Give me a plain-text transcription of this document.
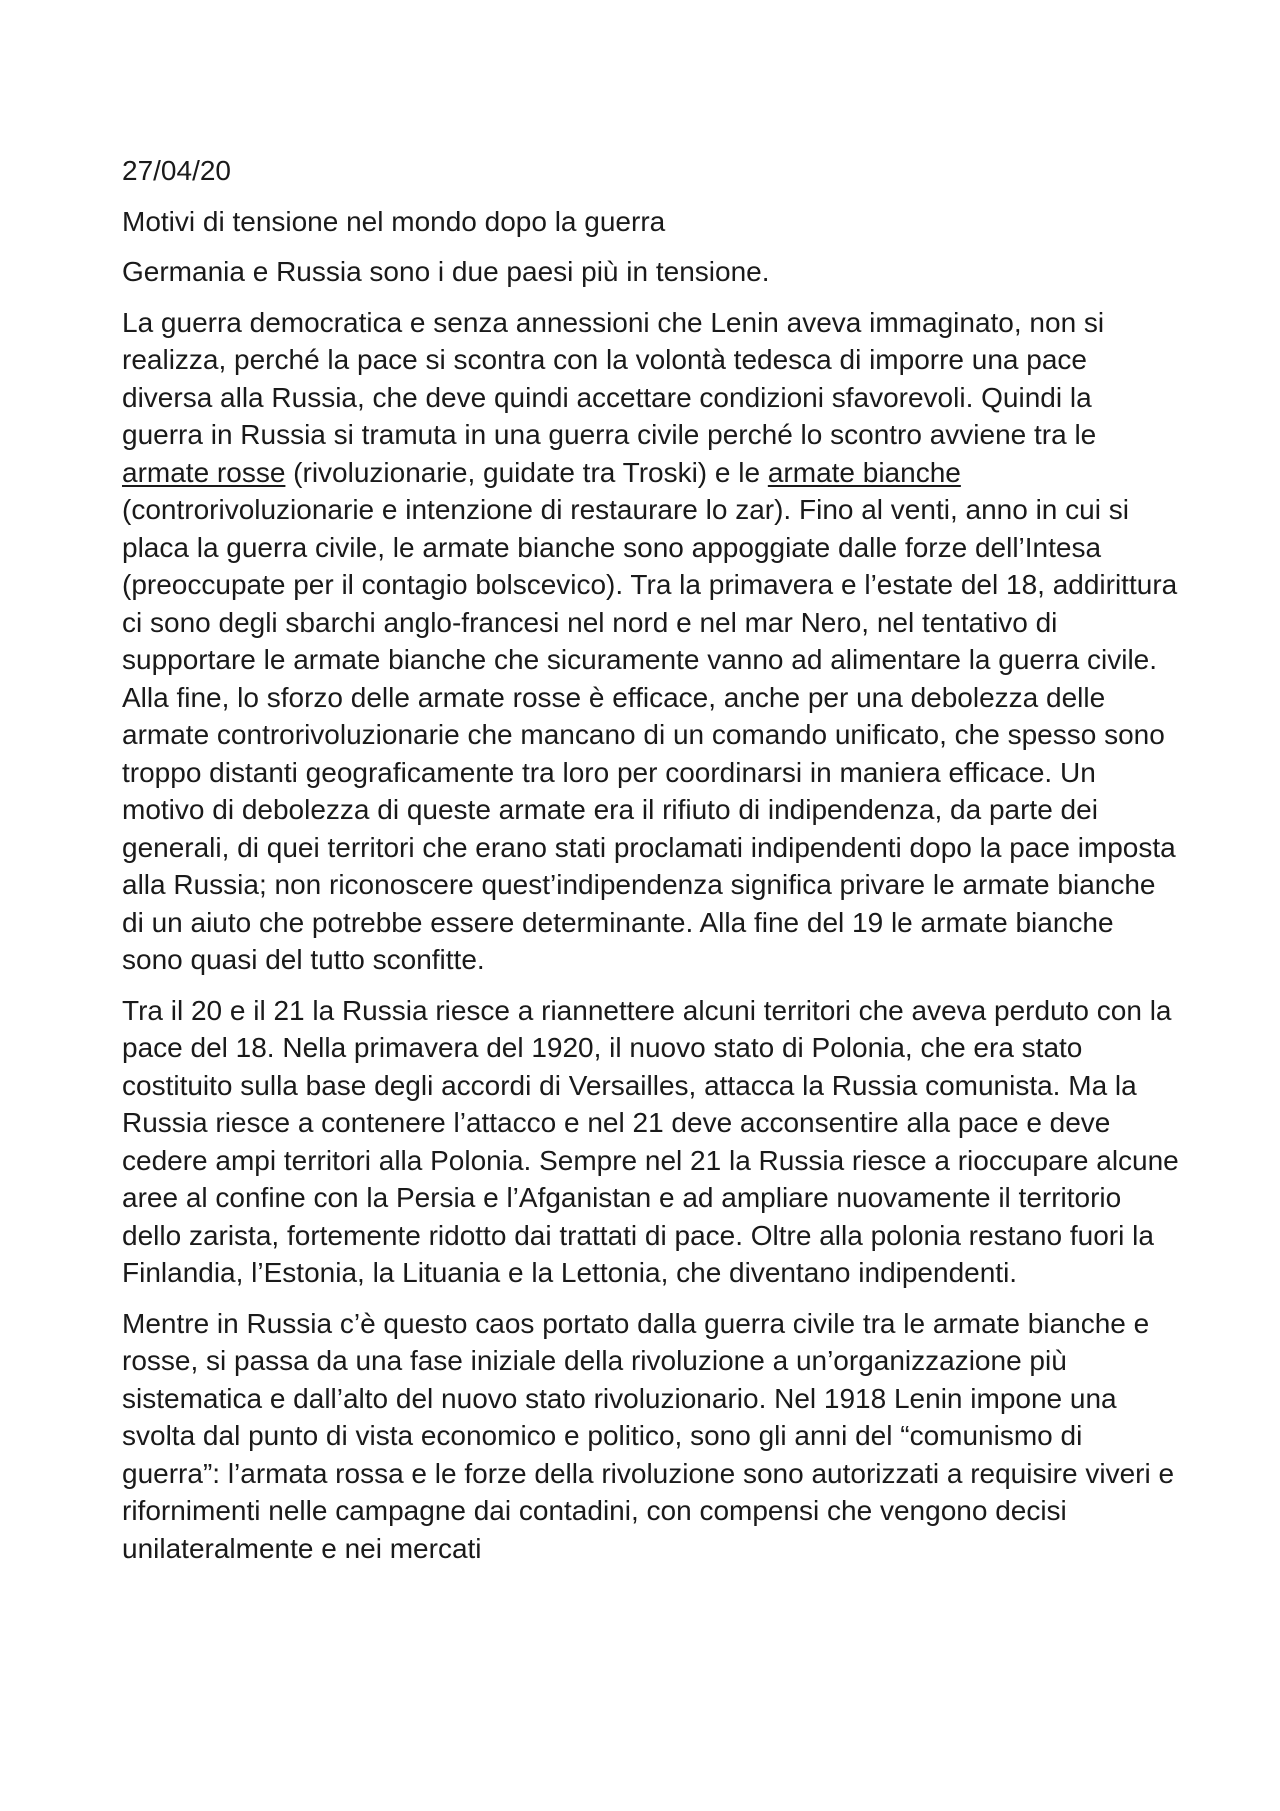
27/04/20

Motivi di tensione nel mondo dopo la guerra

Germania e Russia sono i due paesi più in tensione.

La guerra democratica e senza annessioni che Lenin aveva immaginato, non si realizza, perché la pace si scontra con la volontà tedesca di imporre una pace diversa alla Russia, che deve quindi accettare condizioni sfavorevoli. Quindi la guerra in Russia si tramuta in una guerra civile perché lo scontro avviene tra le armate rosse (rivoluzionarie, guidate tra Troski) e le armate bianche (controrivoluzionarie e intenzione di restaurare lo zar). Fino al venti, anno in cui si placa la guerra civile, le armate bianche sono appoggiate dalle forze dell’Intesa (preoccupate per il contagio bolscevico). Tra la primavera e l’estate del 18, addirittura ci sono degli sbarchi anglo-francesi nel nord e nel mar Nero, nel tentativo di supportare le armate bianche che sicuramente vanno ad alimentare la guerra civile. Alla fine, lo sforzo delle armate rosse è efficace, anche per una debolezza delle armate controrivoluzionarie che mancano di un comando unificato, che spesso sono troppo distanti geograficamente tra loro per coordinarsi in maniera efficace. Un motivo di debolezza di queste armate era il rifiuto di indipendenza, da parte dei generali, di quei territori che erano stati proclamati indipendenti dopo la pace imposta alla Russia; non riconoscere quest’indipendenza significa privare le armate bianche di un aiuto che potrebbe essere determinante. Alla fine del 19 le armate bianche sono quasi del tutto sconfitte.

Tra il 20 e il 21 la Russia riesce a riannettere alcuni territori che aveva perduto con la pace del 18. Nella primavera del 1920, il nuovo stato di Polonia, che era stato costituito sulla base degli accordi di Versailles, attacca la Russia comunista. Ma la Russia riesce a contenere l’attacco e nel 21 deve acconsentire alla pace e deve cedere ampi territori alla Polonia. Sempre nel 21 la Russia riesce a rioccupare alcune aree al confine con la Persia e l’Afganistan e ad ampliare nuovamente il territorio dello zarista, fortemente ridotto dai trattati di pace. Oltre alla polonia restano fuori la Finlandia, l’Estonia, la Lituania e la Lettonia, che diventano indipendenti.

Mentre in Russia c’è questo caos portato dalla guerra civile tra le armate bianche e rosse, si passa da una fase iniziale della rivoluzione a un’organizzazione più sistematica e dall’alto del nuovo stato rivoluzionario. Nel 1918 Lenin impone una svolta dal punto di vista economico e politico, sono gli anni del “comunismo di guerra”: l’armata rossa e le forze della rivoluzione sono autorizzati a requisire viveri e rifornimenti nelle campagne dai contadini, con compensi che vengono decisi unilateralmente e nei mercati
